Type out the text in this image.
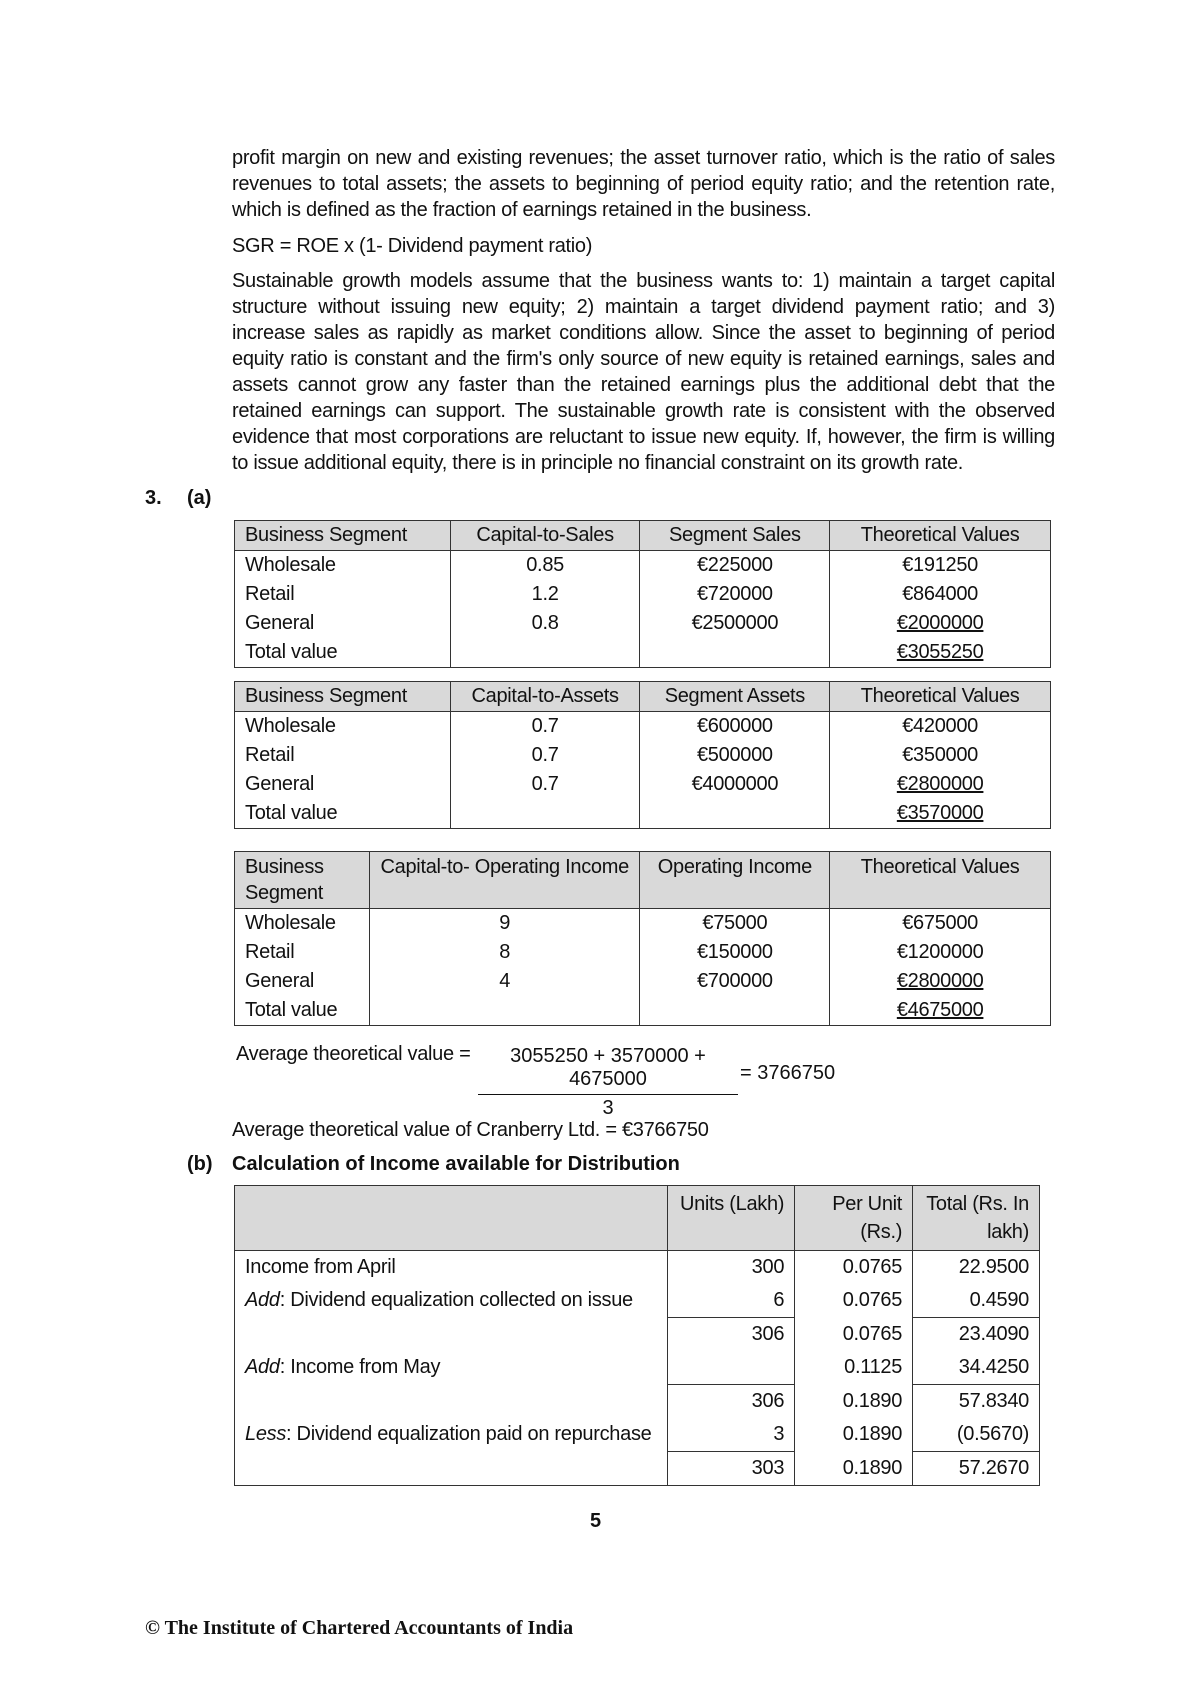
profit margin on new and existing revenues; the asset turnover ratio, which is the ratio of sales revenues to total assets; the assets to beginning of period equity ratio; and the retention rate, which is defined as the fraction of earnings retained in the business.
SGR = ROE x (1- Dividend payment ratio)
Sustainable growth models assume that the business wants to: 1) maintain a target capital structure without issuing new equity; 2) maintain a target dividend payment ratio; and 3) increase sales as rapidly as market conditions allow. Since the asset to beginning of period equity ratio is constant and the firm's only source of new equity is retained earnings, sales and assets cannot grow any faster than the retained earnings plus the additional debt that the retained earnings can support. The sustainable growth rate is consistent with the observed evidence that most corporations are reluctant to issue new equity. If, however, the firm is willing to issue additional equity, there is in principle no financial constraint on its growth rate.
3. (a)
Business Segment	Capital-to-Sales	Segment Sales	Theoretical Values
Wholesale	0.85	€225000	€191250
Retail	1.2	€720000	€864000
General	0.8	€2500000	€2000000
Total value			€3055250
Business Segment	Capital-to-Assets	Segment Assets	Theoretical Values
Wholesale	0.7	€600000	€420000
Retail	0.7	€500000	€350000
General	0.7	€4000000	€2800000
Total value			€3570000
Business Segment	Capital-to- Operating Income	Operating Income	Theoretical Values
Wholesale	9	€75000	€675000
Retail	8	€150000	€1200000
General	4	€700000	€2800000
Total value			€4675000
Average theoretical value = $\frac{3055250 + 3570000 + 4675000}{3} = 3766750$
Average theoretical value of Cranberry Ltd. = €3766750
(b) Calculation of Income available for Distribution
	Units (Lakh)	Per Unit (Rs.)	Total (Rs. In lakh)
Income from April	300	0.0765	22.9500
Add: Dividend equalization collected on issue	6	0.0765	0.4590
	306	0.0765	23.4090
Add: Income from May		0.1125	34.4250
	306	0.1890	57.8340
Less: Dividend equalization paid on repurchase	3	0.1890	(0.5670)
	303	0.1890	57.2670
5
© The Institute of Chartered Accountants of India
